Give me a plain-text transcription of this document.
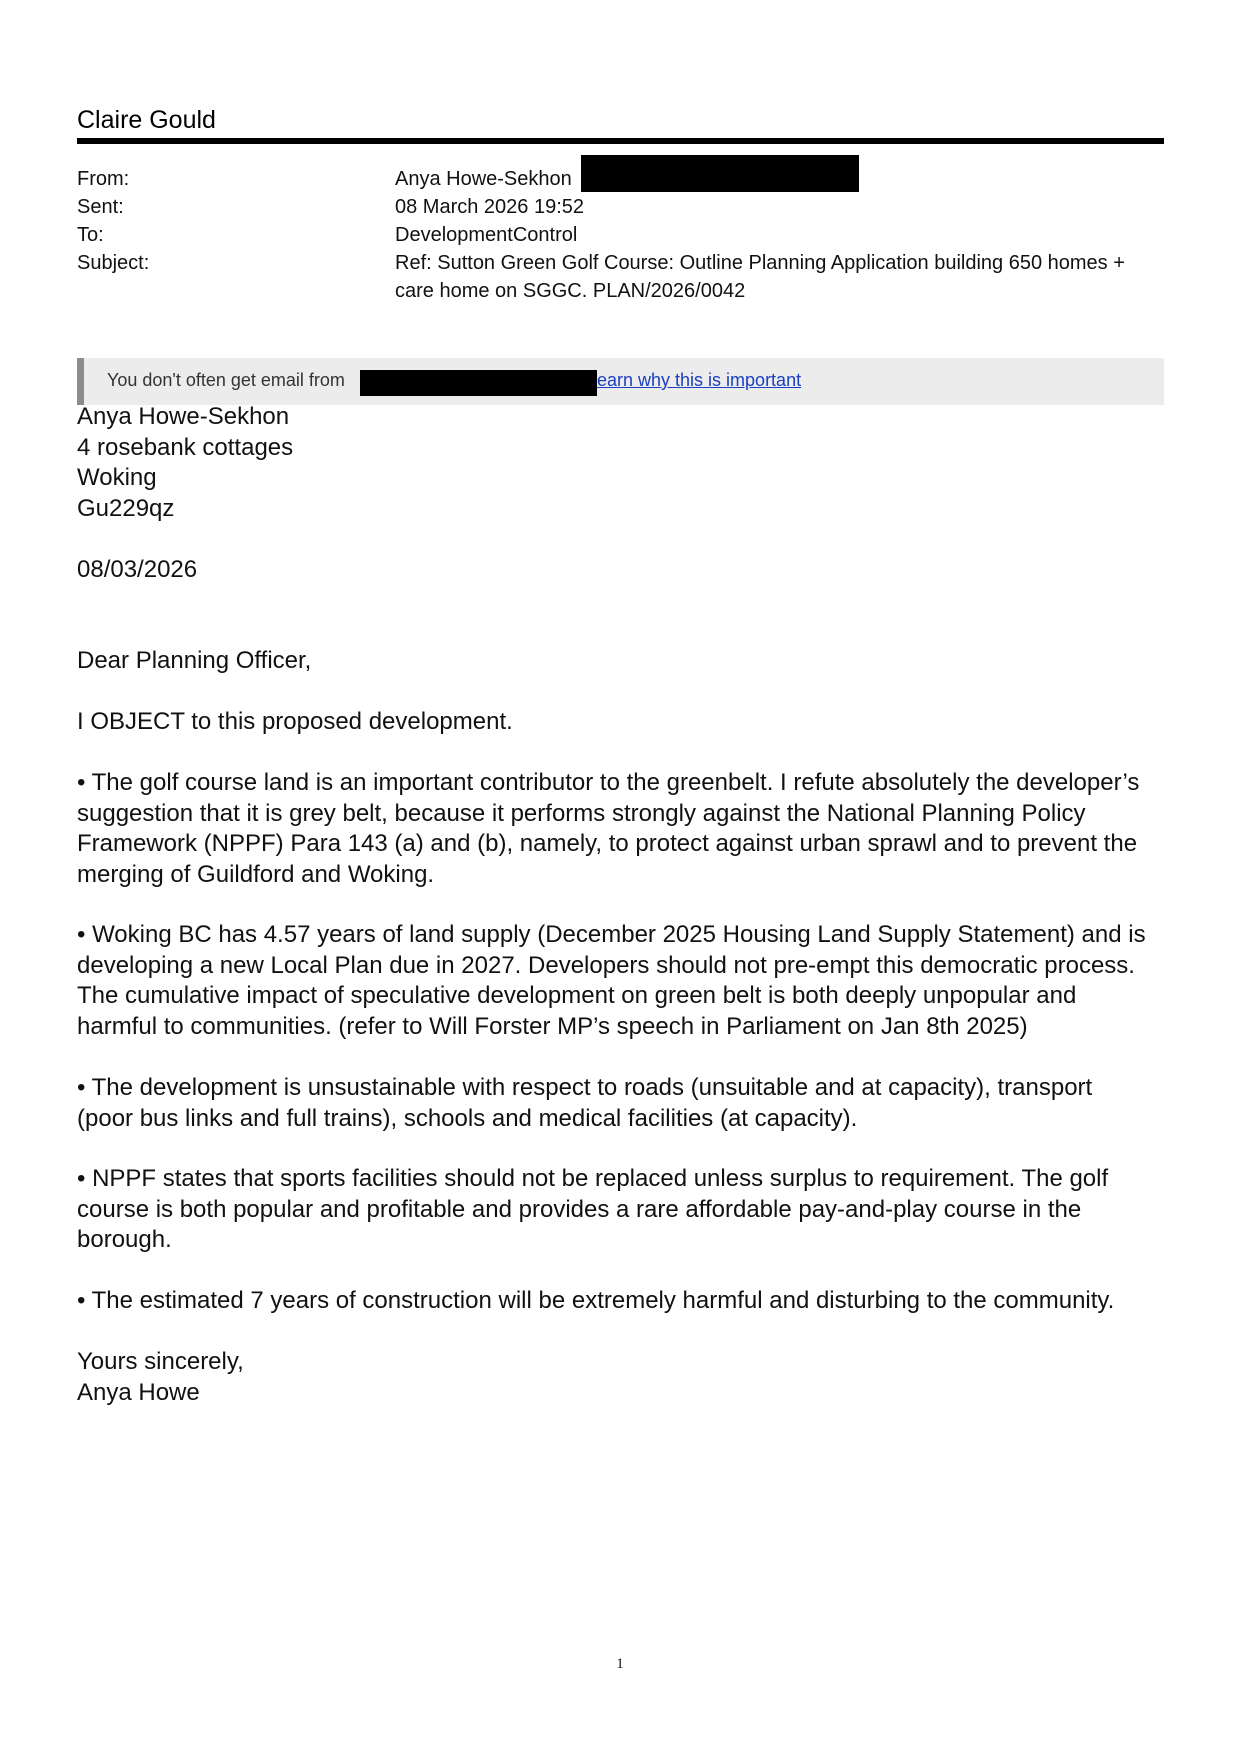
Claire Gould
From:	Anya Howe-Sekhon
Sent:	08 March 2026 19:52
To:	DevelopmentControl
Subject:	Ref: Sutton Green Golf Course: Outline Planning Application building 650 homes +
care home on SGGC. PLAN/2026/0042
You don't often get email from	earn why this is important
Anya Howe-Sekhon
4 rosebank cottages
Woking
Gu229qz
08/03/2026
Dear Planning Officer,
I OBJECT to this proposed development.
• The golf course land is an important contributor to the greenbelt. I refute absolutely the developer’s
suggestion that it is grey belt, because it performs strongly against the National Planning Policy
Framework (NPPF) Para 143 (a) and (b), namely, to protect against urban sprawl and to prevent the
merging of Guildford and Woking.
• Woking BC has 4.57 years of land supply (December 2025 Housing Land Supply Statement) and is
developing a new Local Plan due in 2027. Developers should not pre-empt this democratic process.
The cumulative impact of speculative development on green belt is both deeply unpopular and
harmful to communities. (refer to Will Forster MP’s speech in Parliament on Jan 8th 2025)
• The development is unsustainable with respect to roads (unsuitable and at capacity), transport
(poor bus links and full trains), schools and medical facilities (at capacity).
• NPPF states that sports facilities should not be replaced unless surplus to requirement. The golf
course is both popular and profitable and provides a rare affordable pay-and-play course in the
borough.
• The estimated 7 years of construction will be extremely harmful and disturbing to the community.
Yours sincerely,
Anya Howe
1
